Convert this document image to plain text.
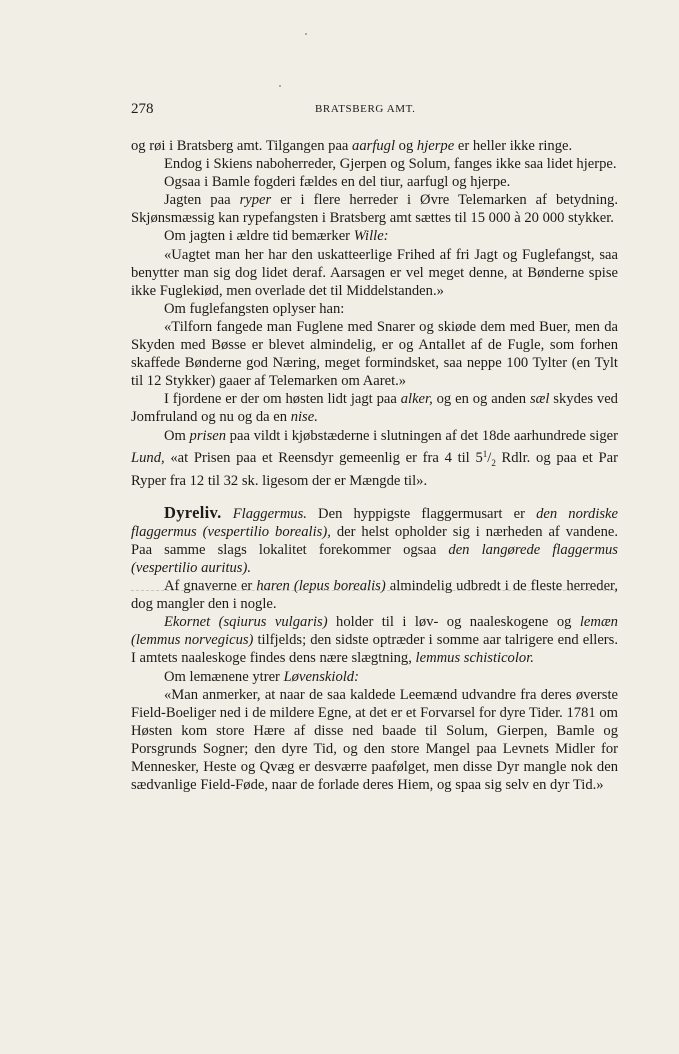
278	BRATSBERG AMT.

og røi i Bratsberg amt. Tilgangen paa aarfugl og hjerpe er heller ikke ringe.

Endog i Skiens naboherreder, Gjerpen og Solum, fanges ikke saa lidet hjerpe.

Ogsaa i Bamle fogderi fældes en del tiur, aarfugl og hjerpe.

Jagten paa ryper er i flere herreder i Øvre Telemarken af betydning. Skjønsmæssig kan rypefangsten i Bratsberg amt sættes til 15 000 à 20 000 stykker.

Om jagten i ældre tid bemærker Wille:

«Uagtet man her har den uskatteerlige Frihed af fri Jagt og Fuglefangst, saa benytter man sig dog lidet deraf. Aarsagen er vel meget denne, at Bønderne spise ikke Fuglekiød, men overlade det til Middelstanden.»

Om fuglefangsten oplyser han:

«Tilforn fangede man Fuglene med Snarer og skiøde dem med Buer, men da Skyden med Bøsse er blevet almindelig, er og Antallet af de Fugle, som forhen skaffede Bønderne god Næring, meget formindsket, saa neppe 100 Tylter (en Tylt til 12 Stykker) gaaer af Telemarken om Aaret.»

I fjordene er der om høsten lidt jagt paa alker, og en og anden sæl skydes ved Jomfruland og nu og da en nise.

Om prisen paa vildt i kjøbstæderne i slutningen af det 18de aarhundrede siger Lund, «at Prisen paa et Reensdyr gemeenlig er fra 4 til $5^1/_2$ Rdlr. og paa et Par Ryper fra 12 til 32 sk. ligesom der er Mængde til».

Dyreliv. Flaggermus. Den hyppigste flaggermusart er den nordiske flaggermus (vespertilio borealis), der helst opholder sig i nærheden af vandene. Paa samme slags lokalitet forekommer ogsaa den langørede flaggermus (vespertilio auritus).

Af gnaverne er haren (lepus borealis) almindelig udbredt i de fleste herreder, dog mangler den i nogle.

Ekornet (sqiurus vulgaris) holder til i løv- og naaleskogene og lemæn (lemmus norvegicus) tilfjelds; den sidste optræder i somme aar talrigere end ellers. I amtets naaleskoge findes dens nære slægtning, lemmus schisticolor.

Om lemænene ytrer Løvenskiold:

«Man anmerker, at naar de saa kaldede Leemænd udvandre fra deres øverste Field-Boeliger ned i de mildere Egne, at det er et Forvarsel for dyre Tider. 1781 om Høsten kom store Hære af disse ned baade til Solum, Gierpen, Bamle og Porsgrunds Sogner; den dyre Tid, og den store Mangel paa Levnets Midler for Mennesker, Heste og Qvæg er desværre paafølget, men disse Dyr mangle nok den sædvanlige Field-Føde, naar de forlade deres Hiem, og spaa sig selv en dyr Tid.»
